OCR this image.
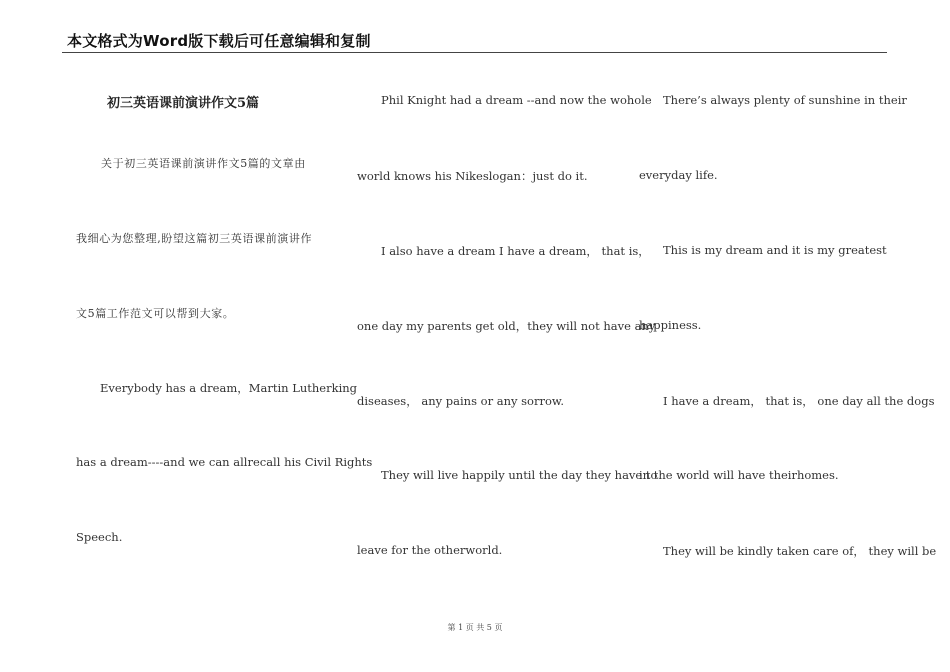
本文格式为Word版下载后可任意编辑和复制
初三英语课前演讲作文5篇
关于初三英语课前演讲作文5篇的文章由
我细心为您整理,盼望这篇初三英语课前演讲作
文5篇工作范文可以帮到大家。
Everybody has a dream，Martin Lutherking
has a dream----and we can allrecall his Civil Rights
Speech.
Phil Knight had a dream --and now the wohole
world knows his Nikeslogan：just do it.
I also have a dream I have a dream， that is，
one day my parents get old，they will not have any
diseases， any pains or any sorrow.
They will live happily until the day they have to
leave for the otherworld.
There’s always plenty of sunshine in their
everyday life.
This is my dream and it is my greatest
happiness.
I have a dream， that is， one day all the dogs
in the world will have theirhomes.
They will be kindly taken care of， they will be
第 1 页 共 5 页
